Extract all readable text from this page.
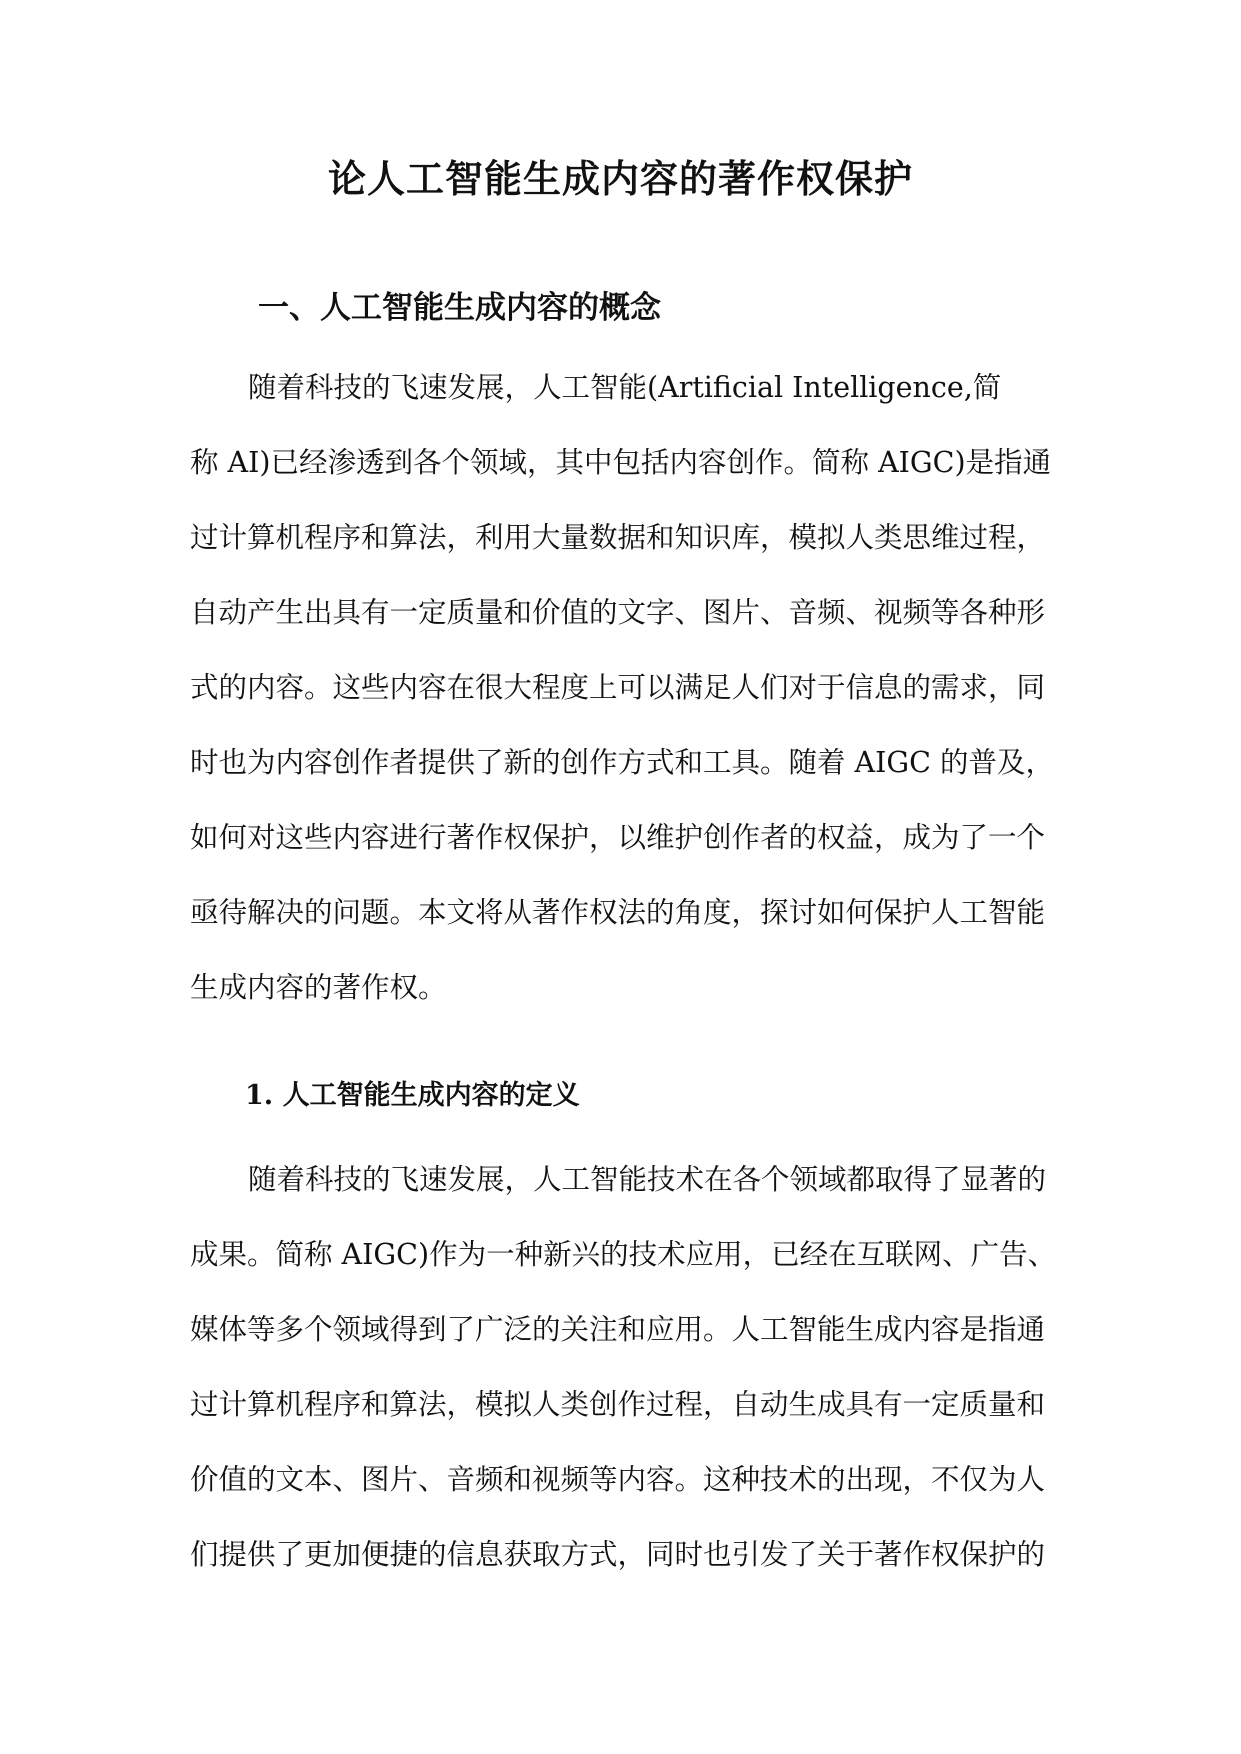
论人工智能生成内容的著作权保护
一、人工智能生成内容的概念
随着科技的飞速发展，人工智能(Artificial Intelligence,简
称 AI)已经渗透到各个领域，其中包括内容创作。简称 AIGC)是指通
过计算机程序和算法，利用大量数据和知识库，模拟人类思维过程，
自动产生出具有一定质量和价值的文字、图片、音频、视频等各种形
式的内容。这些内容在很大程度上可以满足人们对于信息的需求，同
时也为内容创作者提供了新的创作方式和工具。随着 AIGC 的普及，
如何对这些内容进行著作权保护，以维护创作者的权益，成为了一个
亟待解决的问题。本文将从著作权法的角度，探讨如何保护人工智能
生成内容的著作权。
1. 人工智能生成内容的定义
随着科技的飞速发展，人工智能技术在各个领域都取得了显著的
成果。简称 AIGC)作为一种新兴的技术应用，已经在互联网、广告、
媒体等多个领域得到了广泛的关注和应用。人工智能生成内容是指通
过计算机程序和算法，模拟人类创作过程，自动生成具有一定质量和
价值的文本、图片、音频和视频等内容。这种技术的出现，不仅为人
们提供了更加便捷的信息获取方式，同时也引发了关于著作权保护的
